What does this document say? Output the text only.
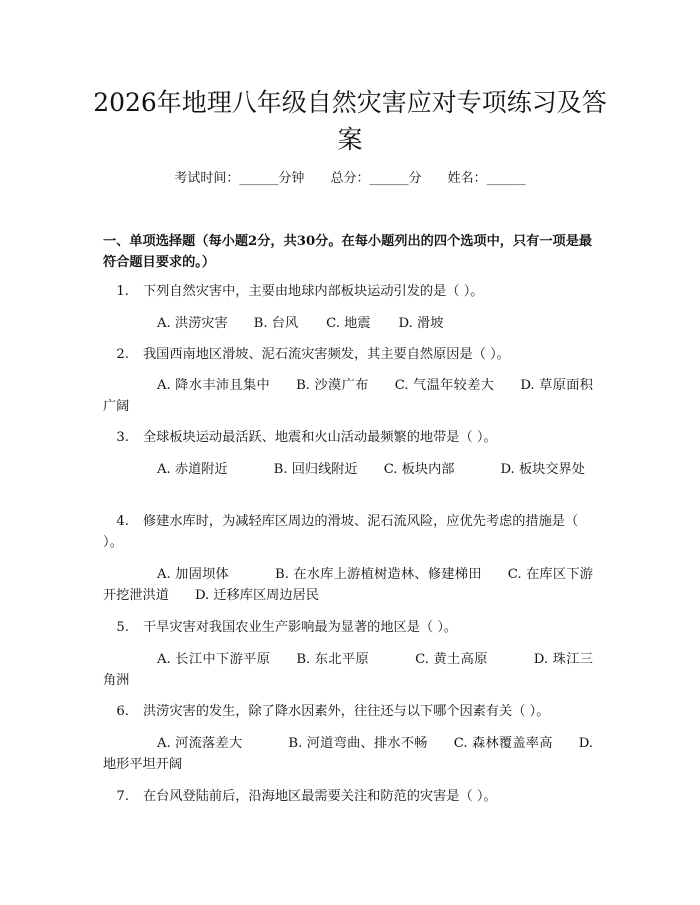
2026年地理八年级自然灾害应对专项练习及答案
考试时间：______分钟 总分：______分 姓名：______

一、单项选择题（每小题2分，共30分。在每小题列出的四个选项中，只有一项是最符合题目要求的。）

1. 下列自然灾害中，主要由地球内部板块运动引发的是（ ）。

A. 洪涝灾害 B. 台风 C. 地震 D. 滑坡

2. 我国西南地区滑坡、泥石流灾害频发，其主要自然原因是（ ）。

A. 降水丰沛且集中 B. 沙漠广布 C. 气温年较差大 D. 草原面积广阔

3. 全球板块运动最活跃、地震和火山活动最频繁的地带是（ ）。

A. 赤道附近	B. 回归线附近 C. 板块内部	D. 板块交界处

4. 修建水库时，为减轻库区周边的滑坡、泥石流风险，应优先考虑的措施是（ ）。

A. 加固坝体	B. 在水库上游植树造林、修建梯田 C. 在库区下游开挖泄洪道 D. 迁移库区周边居民

5. 干旱灾害对我国农业生产影响最为显著的地区是（ ）。

A. 长江中下游平原 B. 东北平原	C. 黄土高原	D. 珠江三角洲

6. 洪涝灾害的发生，除了降水因素外，往往还与以下哪个因素有关（ ）。

A. 河流落差大	B. 河道弯曲、排水不畅 C. 森林覆盖率高 D. 地形平坦开阔

7. 在台风登陆前后，沿海地区最需要关注和防范的灾害是（ ）。
